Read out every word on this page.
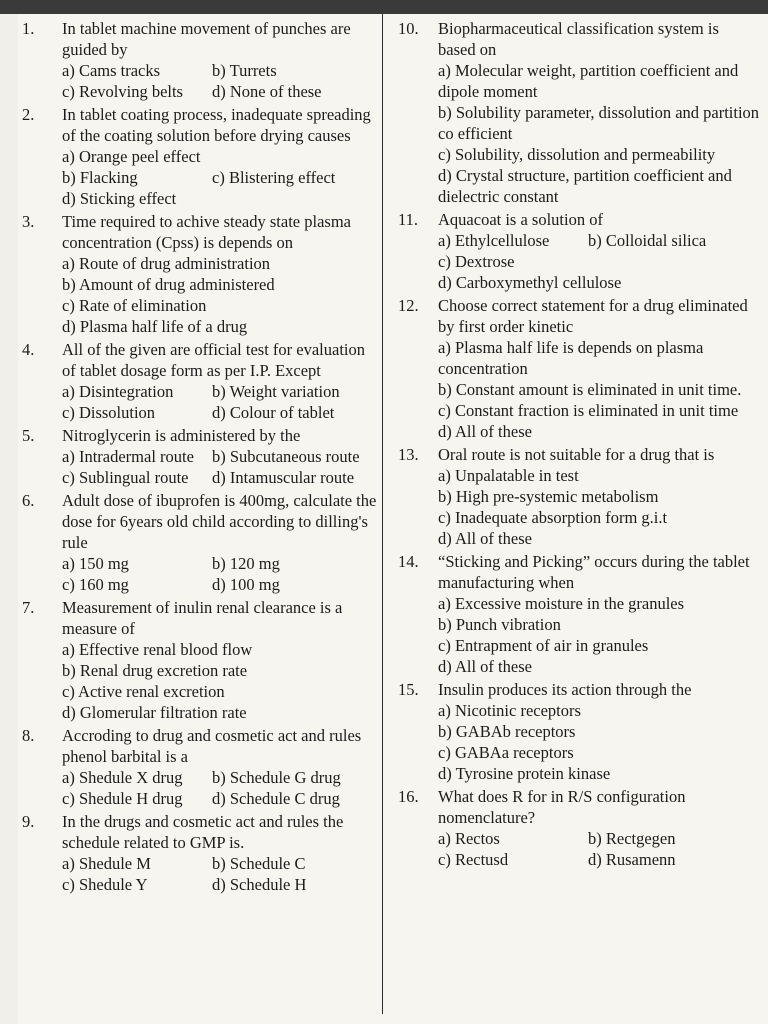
1.	In tablet machine movement of punches are guided by
a) Cams tracks	b) Turrets
c) Revolving belts	d) None of these
2.	In tablet coating process, inadequate spreading of the coating solution before drying causes
a) Orange peel effect
b) Flacking	c) Blistering effect
d) Sticking effect
3.	Time required to achive steady state plasma concentration (Cpss) is depends on
a) Route of drug administration
b) Amount of drug administered
c) Rate of elimination
d) Plasma half life of a drug
4.	All of the given are official test for evaluation of tablet dosage form as per I.P. Except
a) Disintegration	b) Weight variation
c) Dissolution	d) Colour of tablet
5.	Nitroglycerin is administered by the
a) Intradermal route	b) Subcutaneous route
c) Sublingual route	d) Intamuscular route
6.	Adult dose of ibuprofen is 400mg, calculate the dose for 6years old child according to dilling's rule
a) 150 mg	b) 120 mg
c) 160 mg	d) 100 mg
7.	Measurement of inulin renal clearance is a measure of
a) Effective renal blood flow
b) Renal drug excretion rate
c) Active renal excretion
d) Glomerular filtration rate
8.	Accroding to drug and cosmetic act and rules phenol barbital is a
a) Shedule X drug	b) Schedule G drug
c) Shedule H drug	d) Schedule C drug
9.	In the drugs and cosmetic act and rules the schedule related to GMP is.
a) Shedule M	b) Schedule C
c) Shedule Y	d) Schedule H
10.	Biopharmaceutical classification system is based on
a) Molecular weight, partition coefficient and dipole moment
b) Solubility parameter, dissolution and partition co efficient
c) Solubility, dissolution and permeability
d) Crystal structure, partition coefficient and dielectric constant
11.	Aquacoat is a solution of
a) Ethylcellulose	b) Colloidal silica
c) Dextrose
d) Carboxymethyl cellulose
12.	Choose correct statement for a drug eliminated by first order kinetic
a) Plasma half life is depends on plasma concentration
b) Constant amount is eliminated in unit time.
c) Constant fraction is eliminated in unit time
d) All of these
13.	Oral route is not suitable for a drug that is
a) Unpalatable in test
b) High pre-systemic metabolism
c) Inadequate absorption form g.i.t
d) All of these
14.	“Sticking and Picking” occurs during the tablet manufacturing when
a) Excessive moisture in the granules
b) Punch vibration
c) Entrapment of air in granules
d) All of these
15.	Insulin produces its action through the
a) Nicotinic receptors
b) GABAb receptors
c) GABAa receptors
d) Tyrosine protein kinase
16.	What does R for in R/S configuration nomenclature?
a) Rectos	b) Rectgegen
c) Rectusd	d) Rusamenn
